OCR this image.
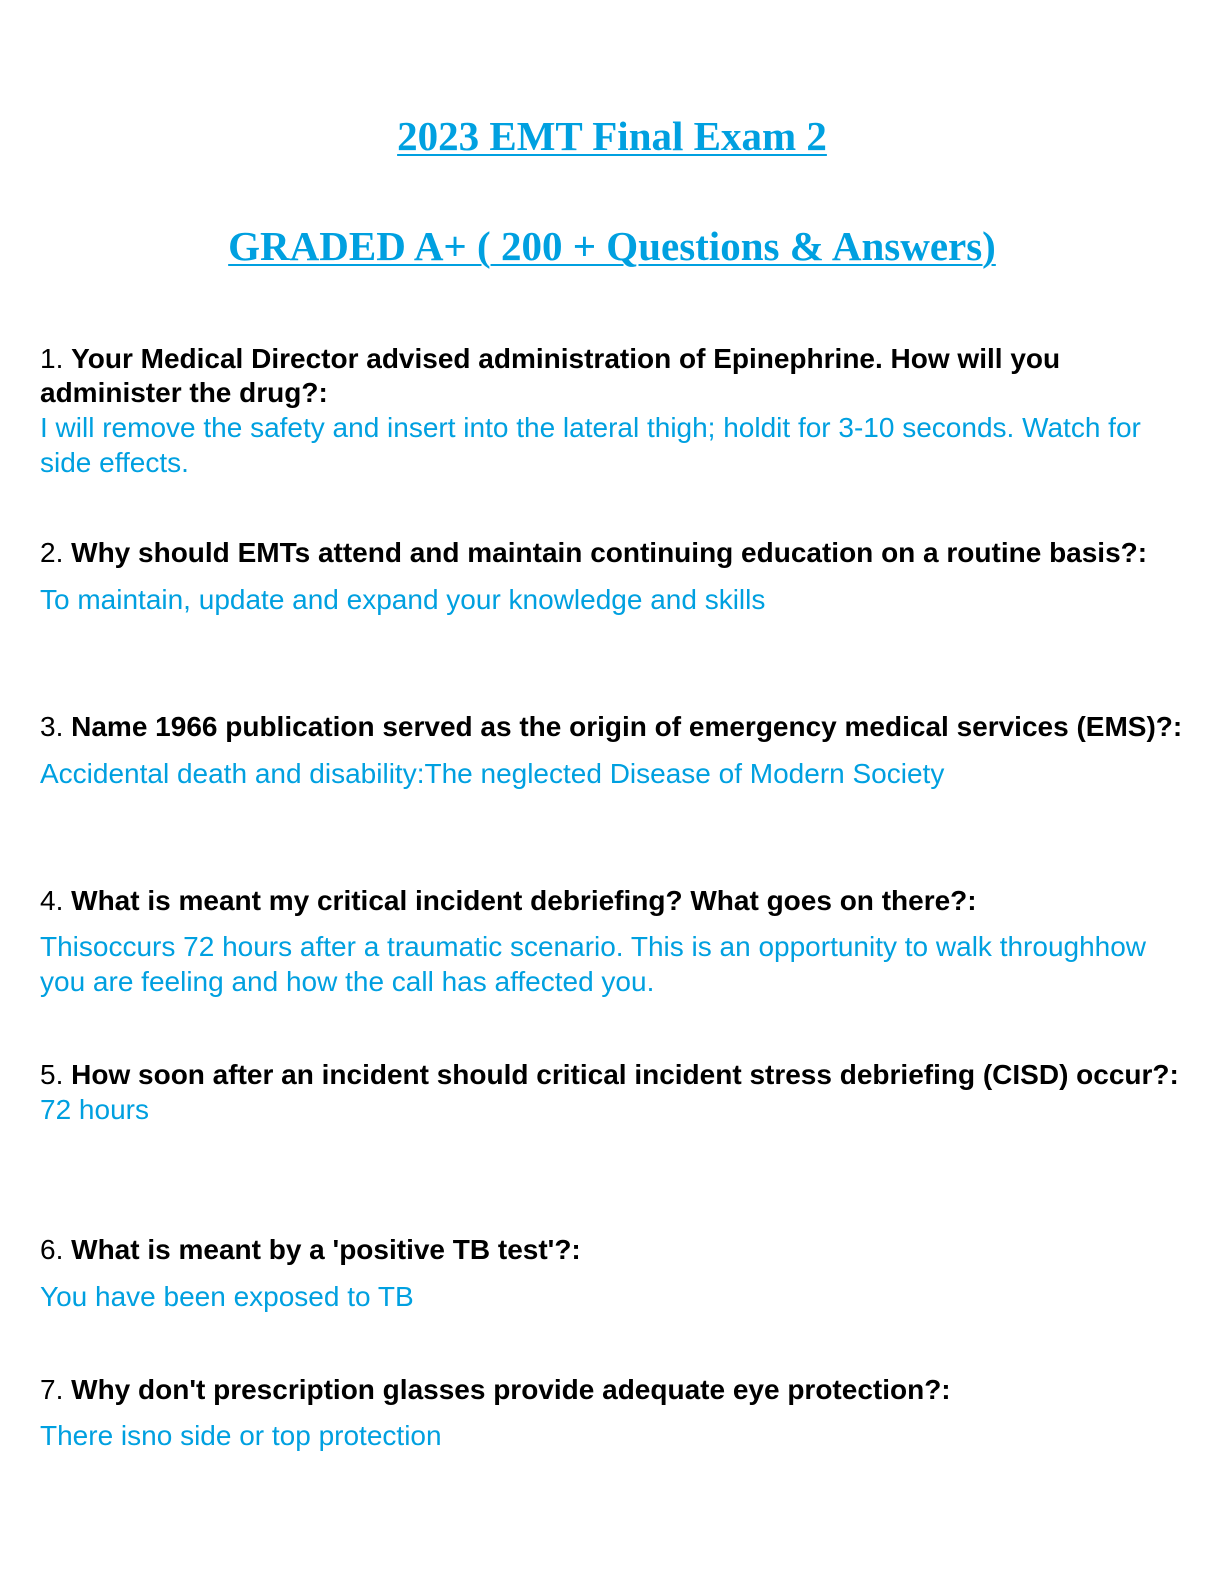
2023 EMT Final Exam 2
GRADED A+ ( 200 + Questions & Answers)

1. Your Medical Director advised administration of Epinephrine. How will you administer the drug?:

I will remove the safety and insert into the lateral thigh; holdit for 3-10 seconds. Watch for side effects.

2. Why should EMTs attend and maintain continuing education on a routine basis?:

To maintain, update and expand your knowledge and skills

3. Name 1966 publication served as the origin of emergency medical services (EMS)?:

Accidental death and disability:The neglected Disease of Modern Society

4. What is meant my critical incident debriefing? What goes on there?:

Thisoccurs 72 hours after a traumatic scenario. This is an opportunity to walk throughhow you are feeling and how the call has affected you.

5. How soon after an incident should critical incident stress debriefing (CISD) occur?:

72 hours

6. What is meant by a 'positive TB test'?:

You have been exposed to TB

7. Why don't prescription glasses provide adequate eye protection?:

There isno side or top protection
